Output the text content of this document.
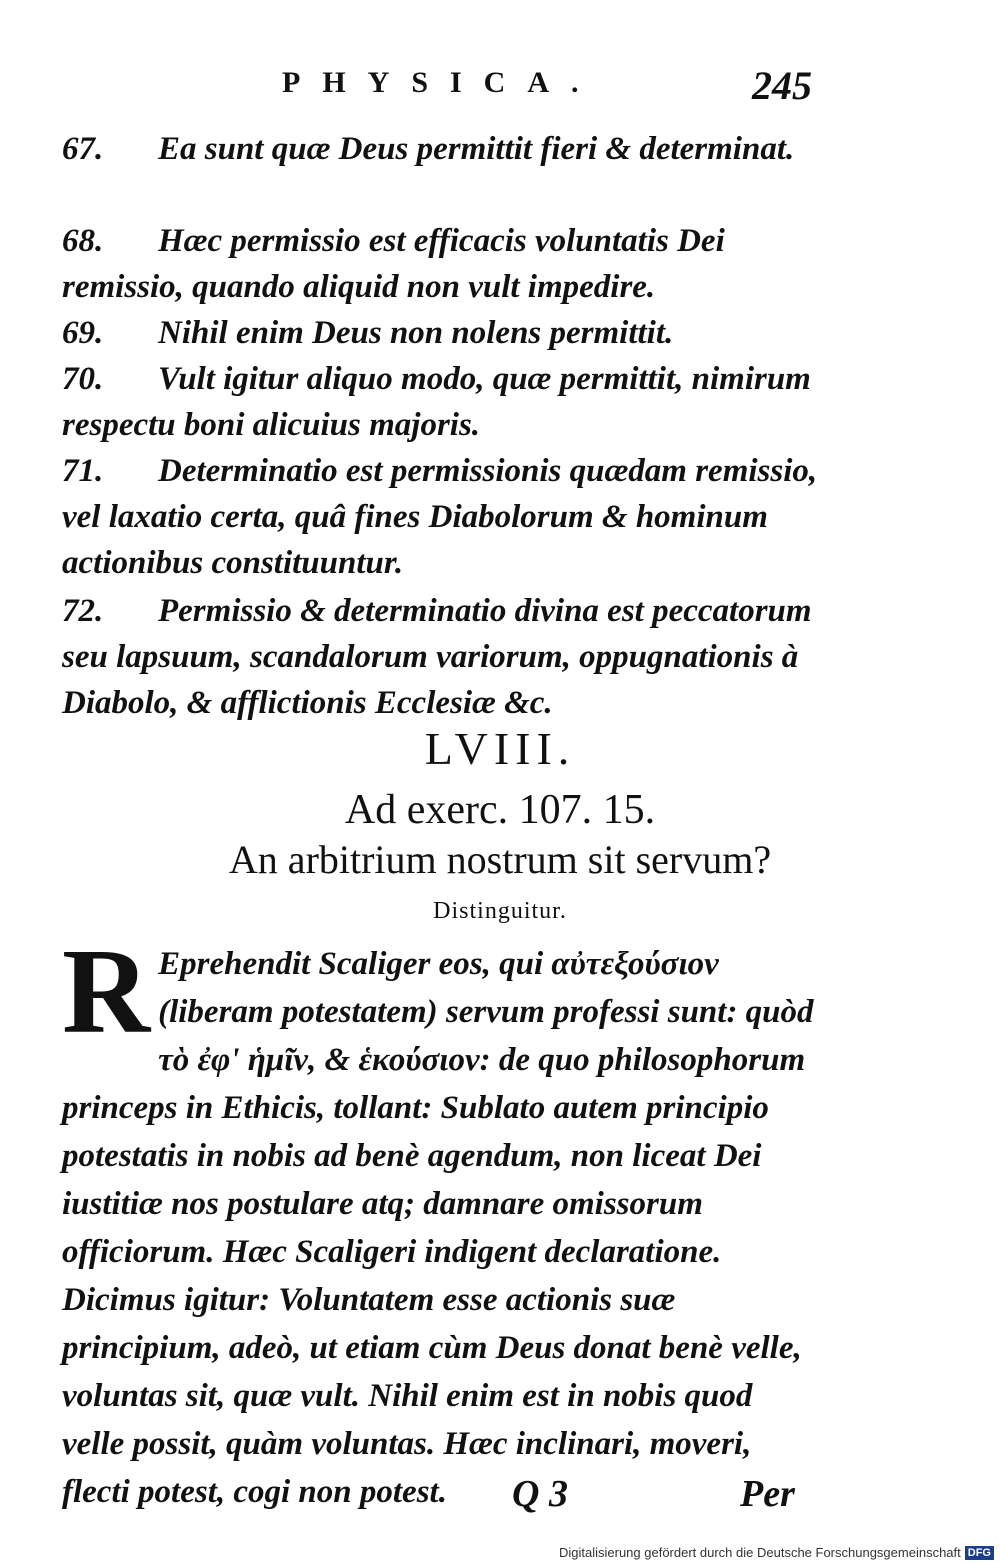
PHYSICA.	245
67. Ea sunt quæ Deus permittit fieri & determinat.
68. Hæc permissio est efficacis voluntatis Dei remissio, quando aliquid non vult impedire.
69. Nihil enim Deus non nolens permittit.
70. Vult igitur aliquo modo, quæ permittit, nimirum respectu boni alicuius majoris.
71. Determinatio est permissionis quædam remissio, vel laxatio certa, quâ fines Diabolorum & hominum actionibus constituuntur.
72. Permissio & determinatio divina est peccatorum seu lapsuum, scandalorum variorum, oppugnationis à Diabolo, & afflictionis Ecclesiæ &c.
LVIII.
Ad exerc. 107. 15.
An arbitrium nostrum sit servum?
Distinguitur.
R Eprehendit Scaliger eos, qui αὐτεξούσιον (liberam potestatem) servum professi sunt: quòd τὸ ἐφ' ἡμῖν, & ἑκούσιον: de quo philosophorum princeps in Ethicis, tollant: Sublato autem principio potestatis in nobis ad benè agendum, non liceat Dei iustitiæ nos postulare atq; damnare omissorum officiorum. Hæc Scaligeri indigent declaratione. Dicimus igitur: Voluntatem esse actionis suæ principium, adeò, ut etiam cùm Deus donat benè velle, voluntas sit, quæ vult. Nihil enim est in nobis quod velle possit, quàm voluntas. Hæc inclinari, moveri, flecti potest, cogi non potest.	Q 3	Per
Digitalisierung gefördert durch die Deutsche Forschungsgemeinschaft DFG
